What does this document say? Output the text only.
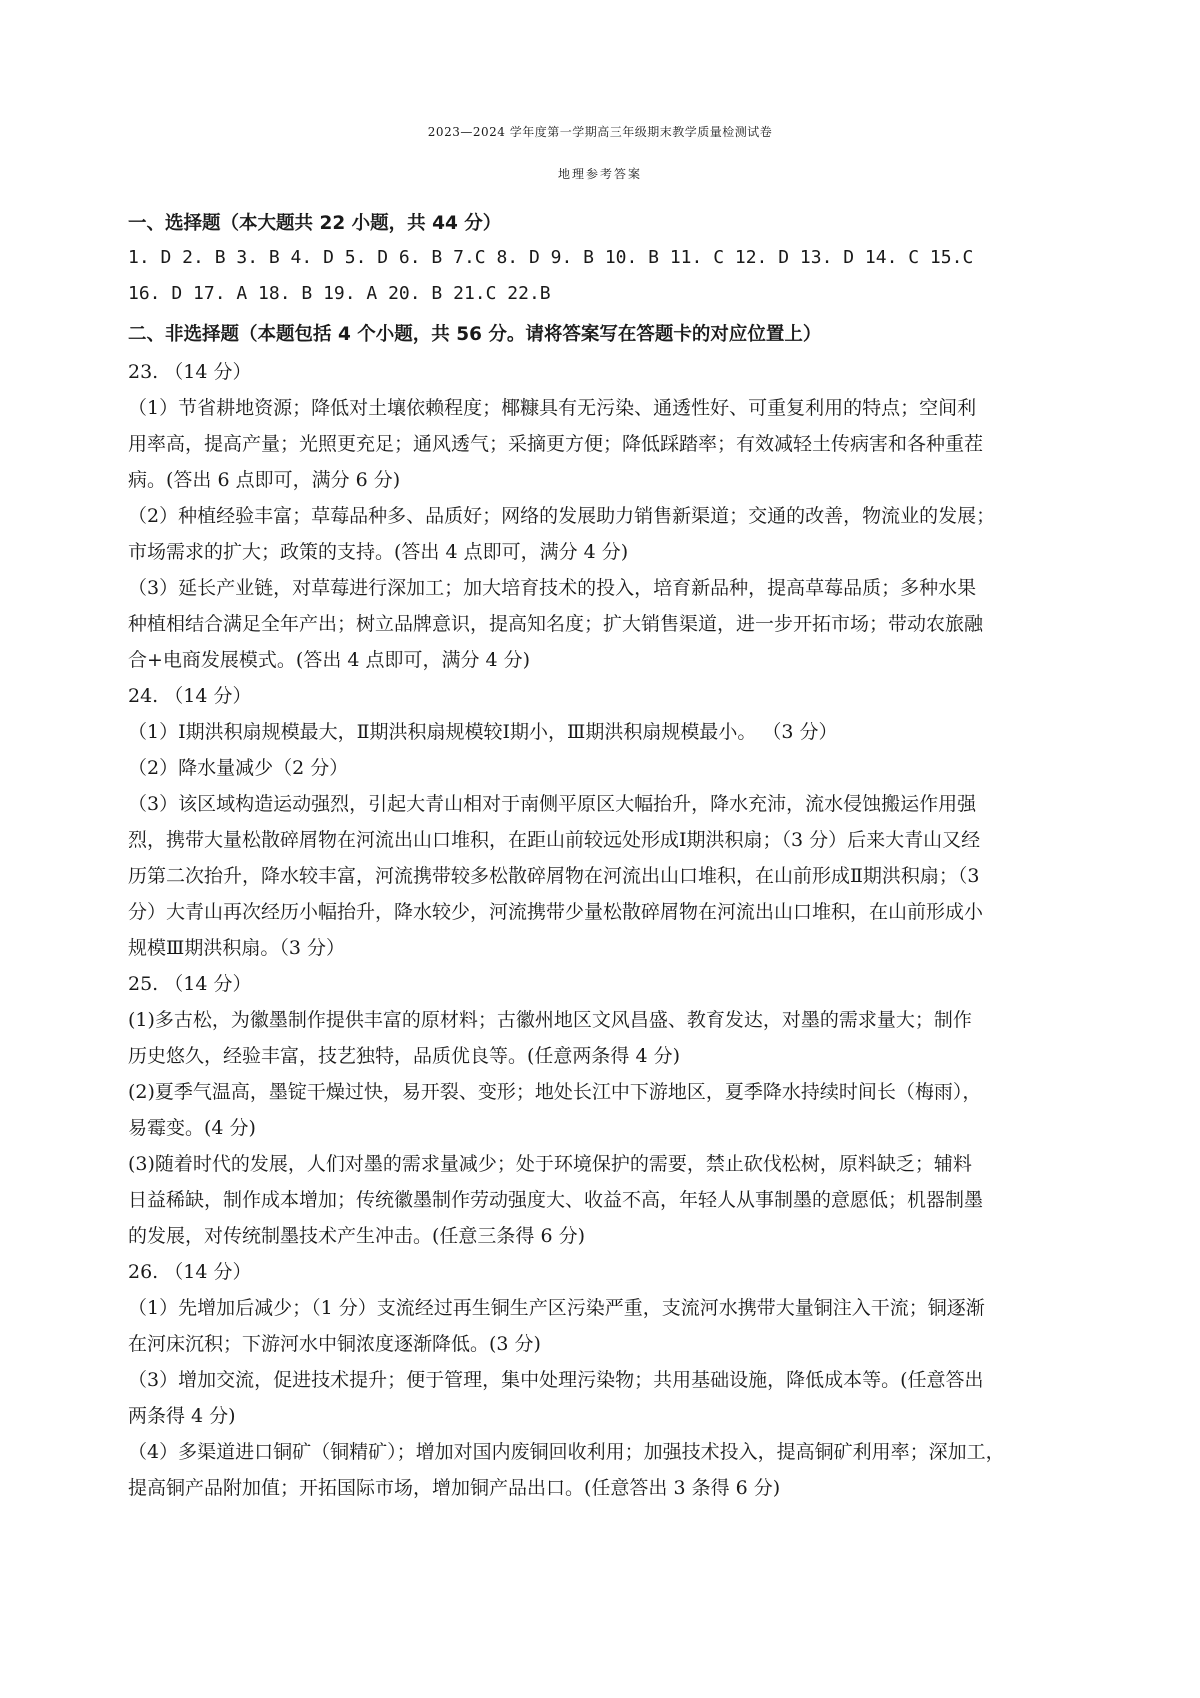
2023—2024 学年度第一学期高三年级期末教学质量检测试卷
地理参考答案
一、选择题（本大题共 22 小题，共 44 分）
1. D 2. B 3. B 4. D 5. D 6. B 7.C 8. D 9. B 10. B 11. C 12. D 13. D 14. C 15.C
16. D 17. A 18. B 19. A 20. B 21.C 22.B
二、非选择题（本题包括 4 个小题，共 56 分。请将答案写在答题卡的对应位置上）
23. （14 分）
（1）节省耕地资源；降低对土壤依赖程度；椰糠具有无污染、通透性好、可重复利用的特点；空间利
用率高，提高产量；光照更充足；通风透气；采摘更方便；降低踩踏率；有效减轻土传病害和各种重茬
病。(答出 6 点即可，满分 6 分)
（2）种植经验丰富；草莓品种多、品质好；网络的发展助力销售新渠道；交通的改善，物流业的发展；
市场需求的扩大；政策的支持。(答出 4 点即可，满分 4 分)
（3）延长产业链，对草莓进行深加工；加大培育技术的投入，培育新品种，提高草莓品质；多种水果
种植相结合满足全年产出；树立品牌意识，提高知名度；扩大销售渠道，进一步开拓市场；带动农旅融
合+电商发展模式。(答出 4 点即可，满分 4 分)
24. （14 分）
（1）Ⅰ期洪积扇规模最大，Ⅱ期洪积扇规模较Ⅰ期小，Ⅲ期洪积扇规模最小。 （3 分）
（2）降水量减少（2 分）
（3）该区域构造运动强烈，引起大青山相对于南侧平原区大幅抬升，降水充沛，流水侵蚀搬运作用强
烈，携带大量松散碎屑物在河流出山口堆积，在距山前较远处形成Ⅰ期洪积扇；（3 分）后来大青山又经
历第二次抬升，降水较丰富，河流携带较多松散碎屑物在河流出山口堆积，在山前形成Ⅱ期洪积扇；（3
分）大青山再次经历小幅抬升，降水较少，河流携带少量松散碎屑物在河流出山口堆积，在山前形成小
规模Ⅲ期洪积扇。（3 分）
25. （14 分）
(1)多古松，为徽墨制作提供丰富的原材料；古徽州地区文风昌盛、教育发达，对墨的需求量大；制作
历史悠久，经验丰富，技艺独特，品质优良等。(任意两条得 4 分)
(2)夏季气温高，墨锭干燥过快，易开裂、变形；地处长江中下游地区，夏季降水持续时间长（梅雨），
易霉变。(4 分)
(3)随着时代的发展，人们对墨的需求量减少；处于环境保护的需要，禁止砍伐松树，原料缺乏；辅料
日益稀缺，制作成本增加；传统徽墨制作劳动强度大、收益不高，年轻人从事制墨的意愿低；机器制墨
的发展，对传统制墨技术产生冲击。(任意三条得 6 分)
26. （14 分）
（1）先增加后减少；（1 分）支流经过再生铜生产区污染严重，支流河水携带大量铜注入干流；铜逐渐
在河床沉积；下游河水中铜浓度逐渐降低。(3 分)
（3）增加交流，促进技术提升；便于管理，集中处理污染物；共用基础设施，降低成本等。(任意答出
两条得 4 分)
（4）多渠道进口铜矿（铜精矿）；增加对国内废铜回收利用；加强技术投入，提高铜矿利用率；深加工，
提高铜产品附加值；开拓国际市场，增加铜产品出口。(任意答出 3 条得 6 分)
